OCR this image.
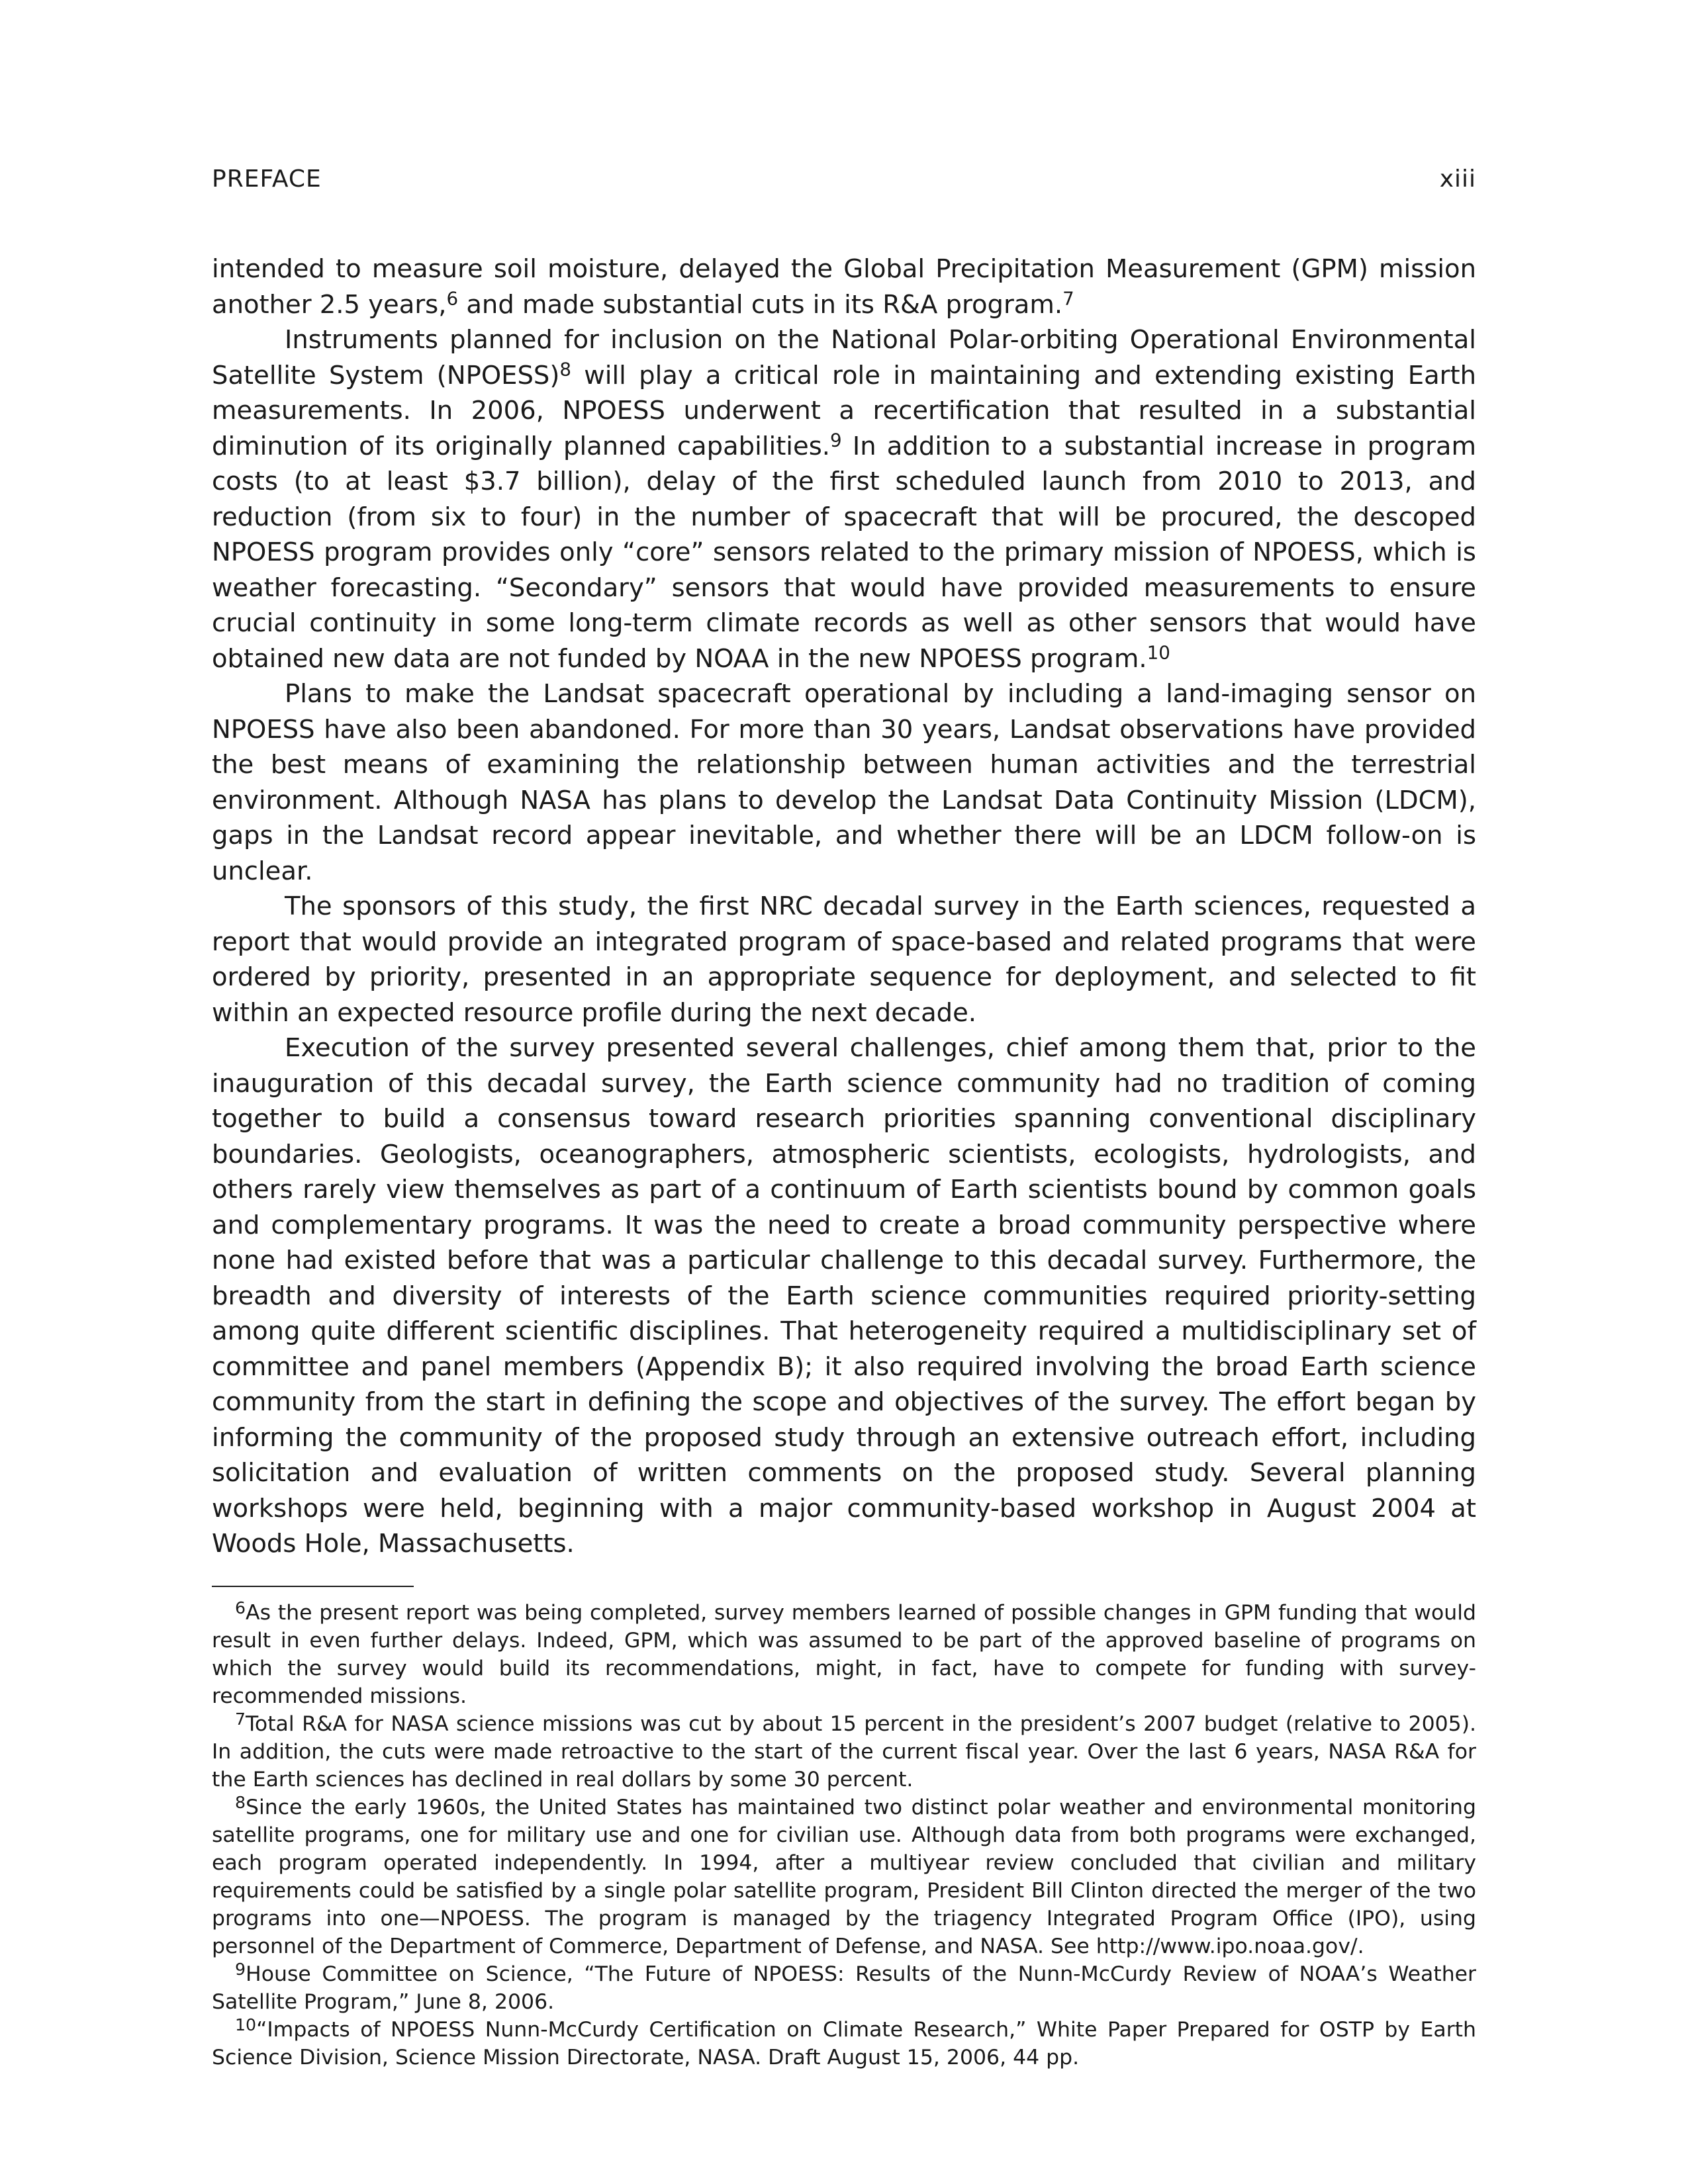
PREFACE	xiii

intended to measure soil moisture, delayed the Global Precipitation Measurement (GPM) mission another 2.5 years,$^6$ and made substantial cuts in its R&A program.$^7$

Instruments planned for inclusion on the National Polar-orbiting Operational Environmental Satellite System (NPOESS)$^8$ will play a critical role in maintaining and extending existing Earth measurements. In 2006, NPOESS underwent a recertification that resulted in a substantial diminution of its originally planned capabilities.$^9$ In addition to a substantial increase in program costs (to at least $3.7 billion), delay of the first scheduled launch from 2010 to 2013, and reduction (from six to four) in the number of spacecraft that will be procured, the descoped NPOESS program provides only “core” sensors related to the primary mission of NPOESS, which is weather forecasting. “Secondary” sensors that would have provided measurements to ensure crucial continuity in some long-term climate records as well as other sensors that would have obtained new data are not funded by NOAA in the new NPOESS program.$^{10}$

Plans to make the Landsat spacecraft operational by including a land-imaging sensor on NPOESS have also been abandoned. For more than 30 years, Landsat observations have provided the best means of examining the relationship between human activities and the terrestrial environment. Although NASA has plans to develop the Landsat Data Continuity Mission (LDCM), gaps in the Landsat record appear inevitable, and whether there will be an LDCM follow-on is unclear.

The sponsors of this study, the first NRC decadal survey in the Earth sciences, requested a report that would provide an integrated program of space-based and related programs that were ordered by priority, presented in an appropriate sequence for deployment, and selected to fit within an expected resource profile during the next decade.

Execution of the survey presented several challenges, chief among them that, prior to the inauguration of this decadal survey, the Earth science community had no tradition of coming together to build a consensus toward research priorities spanning conventional disciplinary boundaries. Geologists, oceanographers, atmospheric scientists, ecologists, hydrologists, and others rarely view themselves as part of a continuum of Earth scientists bound by common goals and complementary programs. It was the need to create a broad community perspective where none had existed before that was a particular challenge to this decadal survey. Furthermore, the breadth and diversity of interests of the Earth science communities required priority-setting among quite different scientific disciplines. That heterogeneity required a multidisciplinary set of committee and panel members (Appendix B); it also required involving the broad Earth science community from the start in defining the scope and objectives of the survey. The effort began by informing the community of the proposed study through an extensive outreach effort, including solicitation and evaluation of written comments on the proposed study. Several planning workshops were held, beginning with a major community-based workshop in August 2004 at Woods Hole, Massachusetts.

$^6$As the present report was being completed, survey members learned of possible changes in GPM funding that would result in even further delays. Indeed, GPM, which was assumed to be part of the approved baseline of programs on which the survey would build its recommendations, might, in fact, have to compete for funding with survey-recommended missions.

$^7$Total R&A for NASA science missions was cut by about 15 percent in the president’s 2007 budget (relative to 2005). In addition, the cuts were made retroactive to the start of the current fiscal year. Over the last 6 years, NASA R&A for the Earth sciences has declined in real dollars by some 30 percent.

$^8$Since the early 1960s, the United States has maintained two distinct polar weather and environmental monitoring satellite programs, one for military use and one for civilian use. Although data from both programs were exchanged, each program operated independently. In 1994, after a multiyear review concluded that civilian and military requirements could be satisfied by a single polar satellite program, President Bill Clinton directed the merger of the two programs into one—NPOESS. The program is managed by the triagency Integrated Program Office (IPO), using personnel of the Department of Commerce, Department of Defense, and NASA. See http://www.ipo.noaa.gov/.

$^9$House Committee on Science, “The Future of NPOESS: Results of the Nunn-McCurdy Review of NOAA’s Weather Satellite Program,” June 8, 2006.

$^{10}$“Impacts of NPOESS Nunn-McCurdy Certification on Climate Research,” White Paper Prepared for OSTP by Earth Science Division, Science Mission Directorate, NASA. Draft August 15, 2006, 44 pp.
